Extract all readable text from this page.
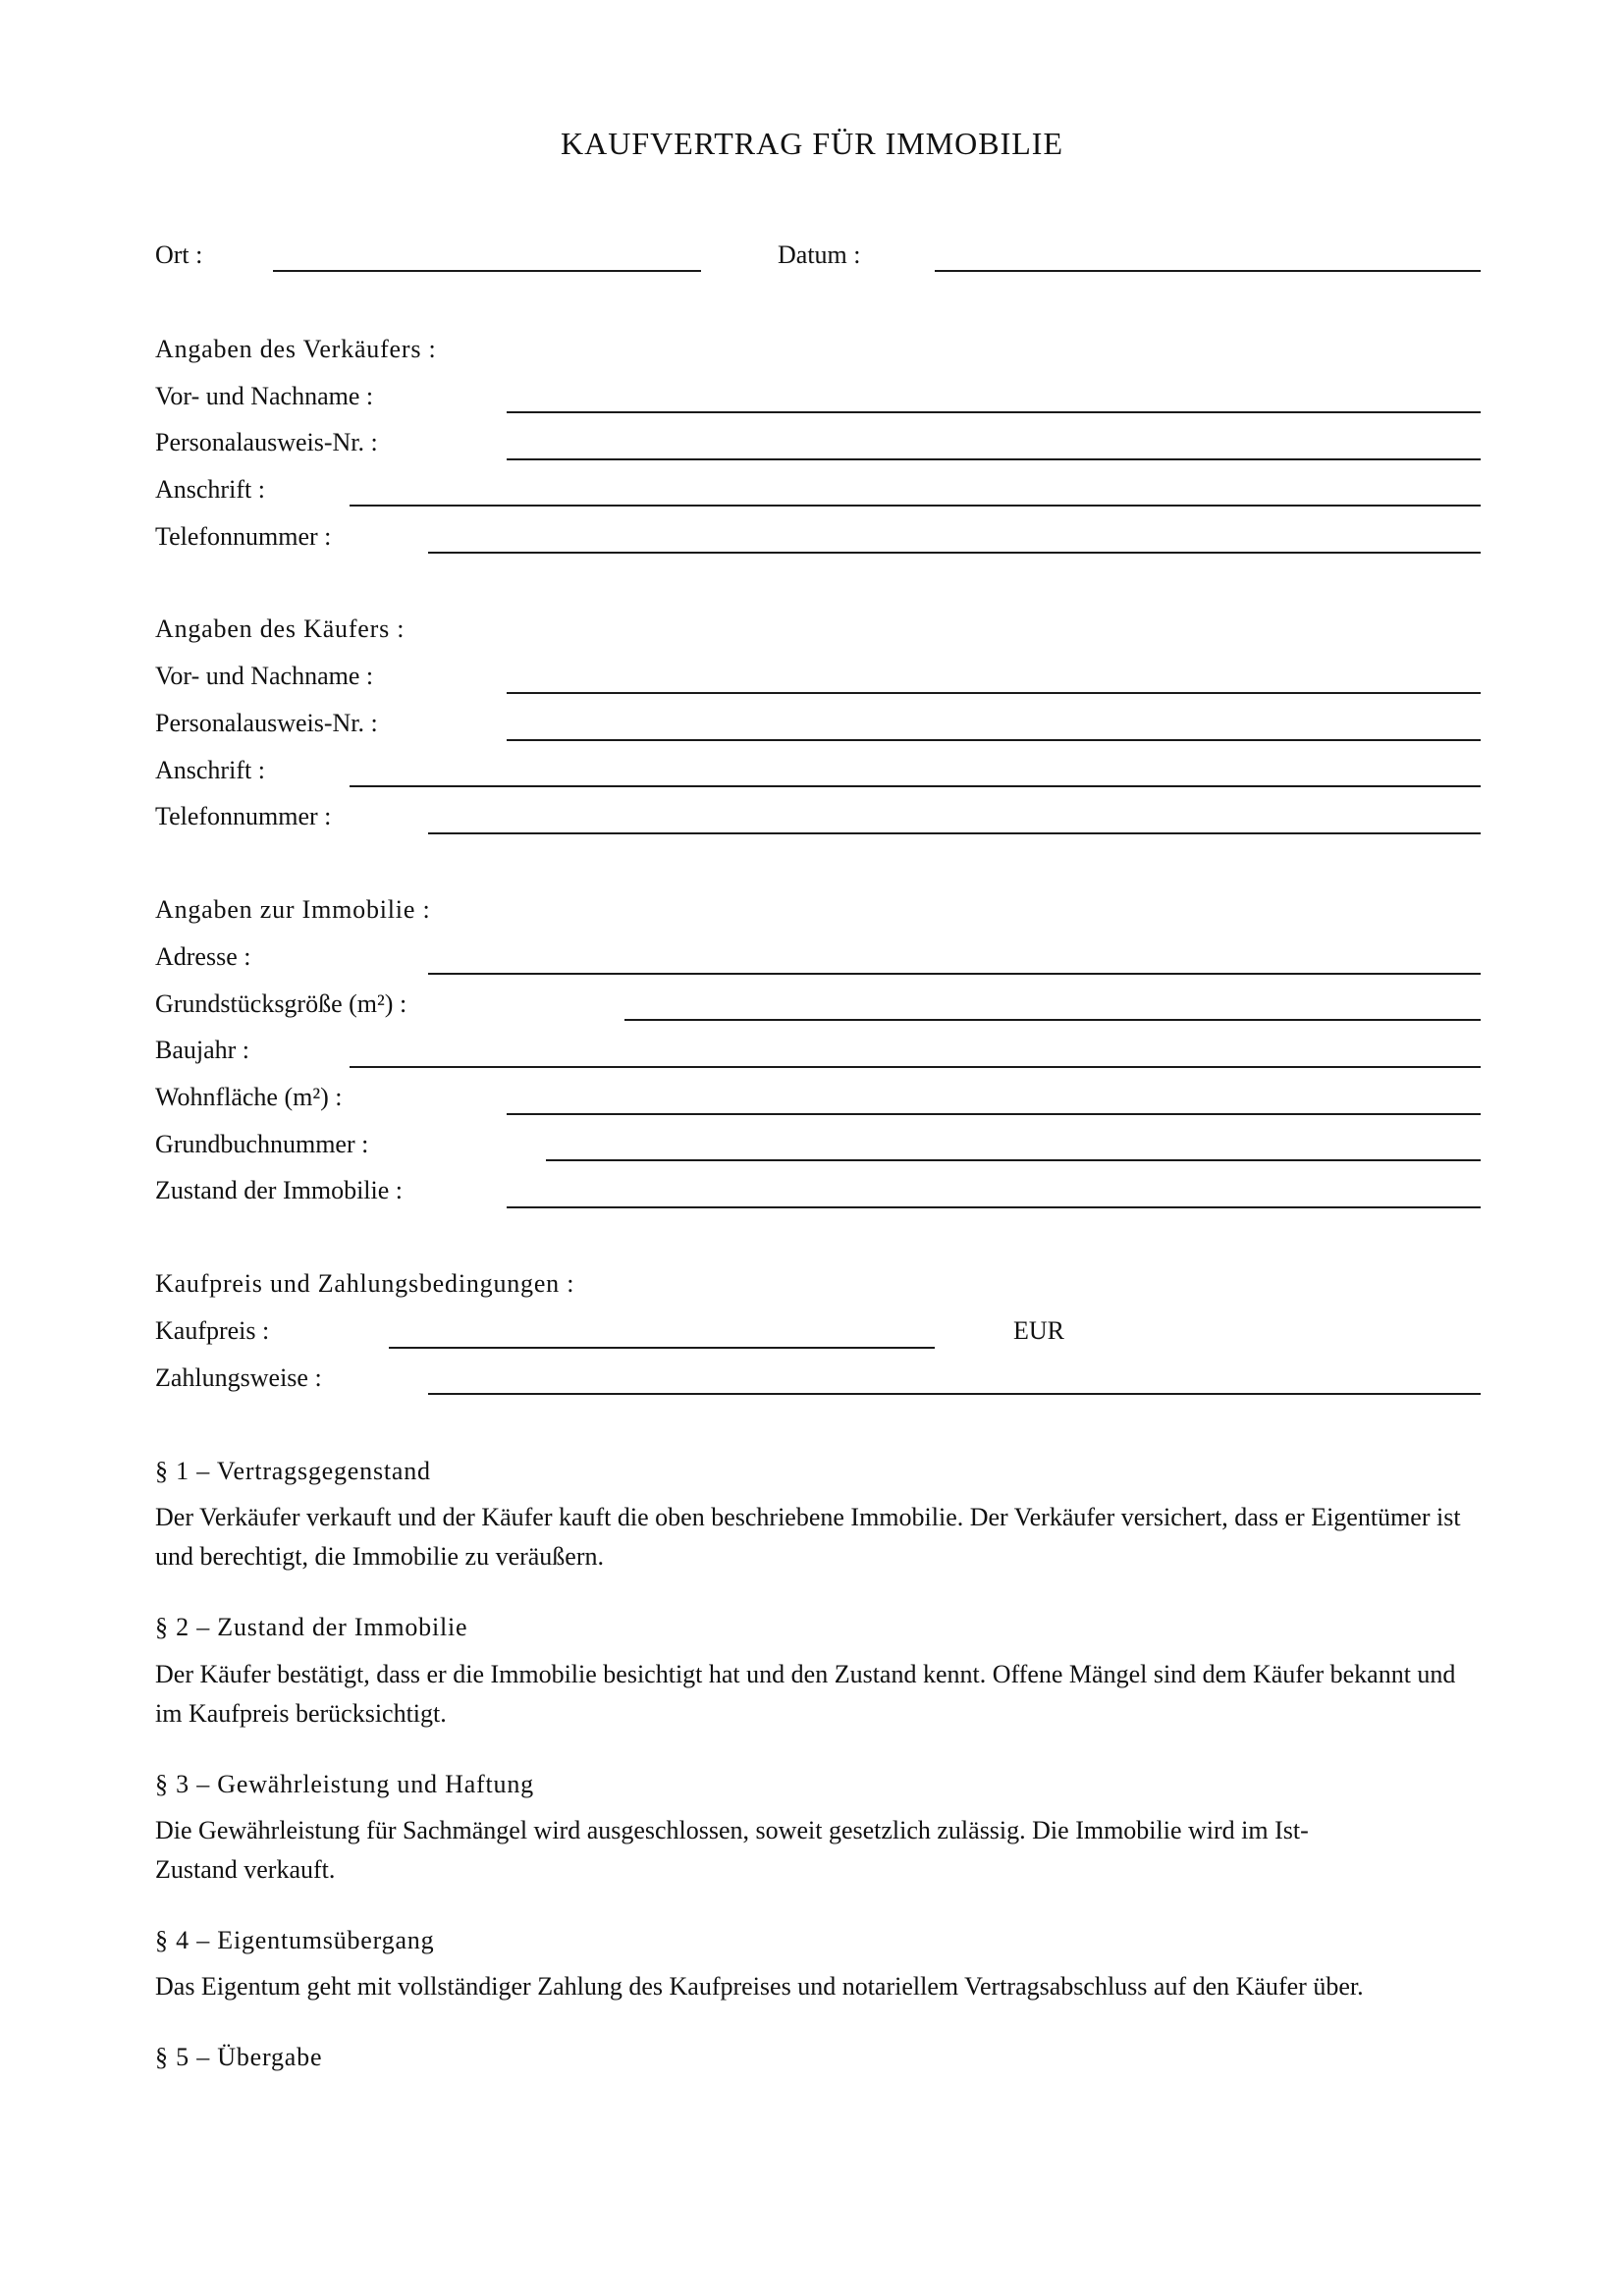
KAUFVERTRAG FÜR IMMOBILIE
Ort :	Datum :
Angaben des Verkäufers :
Vor- und Nachname :
Personalausweis-Nr. :
Anschrift :
Telefonnummer :
Angaben des Käufers :
Vor- und Nachname :
Personalausweis-Nr. :
Anschrift :
Telefonnummer :
Angaben zur Immobilie :
Adresse :
Grundstücksgröße (m²) :
Baujahr :
Wohnfläche (m²) :
Grundbuchnummer :
Zustand der Immobilie :
Kaufpreis und Zahlungsbedingungen :
Kaufpreis :	EUR
Zahlungsweise :
§ 1 – Vertragsgegenstand
Der Verkäufer verkauft und der Käufer kauft die oben beschriebene Immobilie. Der Verkäufer versichert, dass er Eigentümer ist und berechtigt, die Immobilie zu veräußern.
§ 2 – Zustand der Immobilie
Der Käufer bestätigt, dass er die Immobilie besichtigt hat und den Zustand kennt. Offene Mängel sind dem Käufer bekannt und im Kaufpreis berücksichtigt.
§ 3 – Gewährleistung und Haftung
Die Gewährleistung für Sachmängel wird ausgeschlossen, soweit gesetzlich zulässig. Die Immobilie wird im Ist-Zustand verkauft.
§ 4 – Eigentumsübergang
Das Eigentum geht mit vollständiger Zahlung des Kaufpreises und notariellem Vertragsabschluss auf den Käufer über.
§ 5 – Übergabe
